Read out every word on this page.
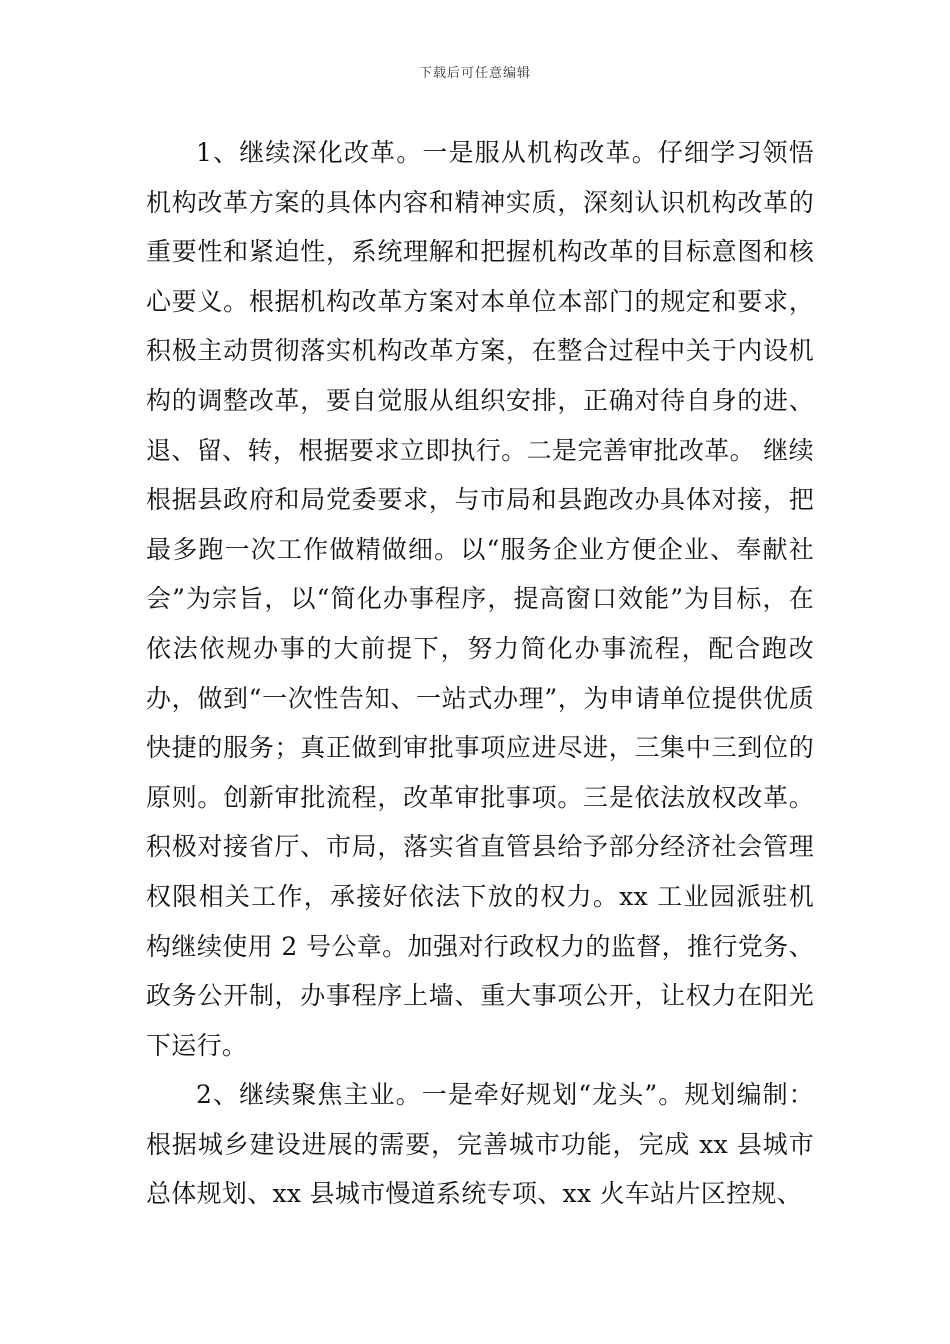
下载后可任意编辑

1、继续深化改革。一是服从机构改革。仔细学习领悟机构改革方案的具体内容和精神实质，深刻认识机构改革的重要性和紧迫性，系统理解和把握机构改革的目标意图和核心要义。根据机构改革方案对本单位本部门的规定和要求，积极主动贯彻落实机构改革方案，在整合过程中关于内设机构的调整改革，要自觉服从组织安排，正确对待自身的进、退、留、转，根据要求立即执行。二是完善审批改革。 继续根据县政府和局党委要求，与市局和县跑改办具体对接，把最多跑一次工作做精做细。以“服务企业方便企业、奉献社会”为宗旨，以“简化办事程序，提高窗口效能”为目标，在依法依规办事的大前提下，努力简化办事流程，配合跑改办，做到“一次性告知、一站式办理”，为申请单位提供优质快捷的服务；真正做到审批事项应进尽进，三集中三到位的原则。创新审批流程，改革审批事项。三是依法放权改革。积极对接省厅、市局，落实省直管县给予部分经济社会管理权限相关工作，承接好依法下放的权力。xx 工业园派驻机构继续使用 2 号公章。加强对行政权力的监督，推行党务、政务公开制，办事程序上墙、重大事项公开，让权力在阳光下运行。

2、继续聚焦主业。一是牵好规划“龙头”。规划编制：根据城乡建设进展的需要，完善城市功能，完成 xx 县城市总体规划、xx 县城市慢道系统专项、xx 火车站片区控规、
